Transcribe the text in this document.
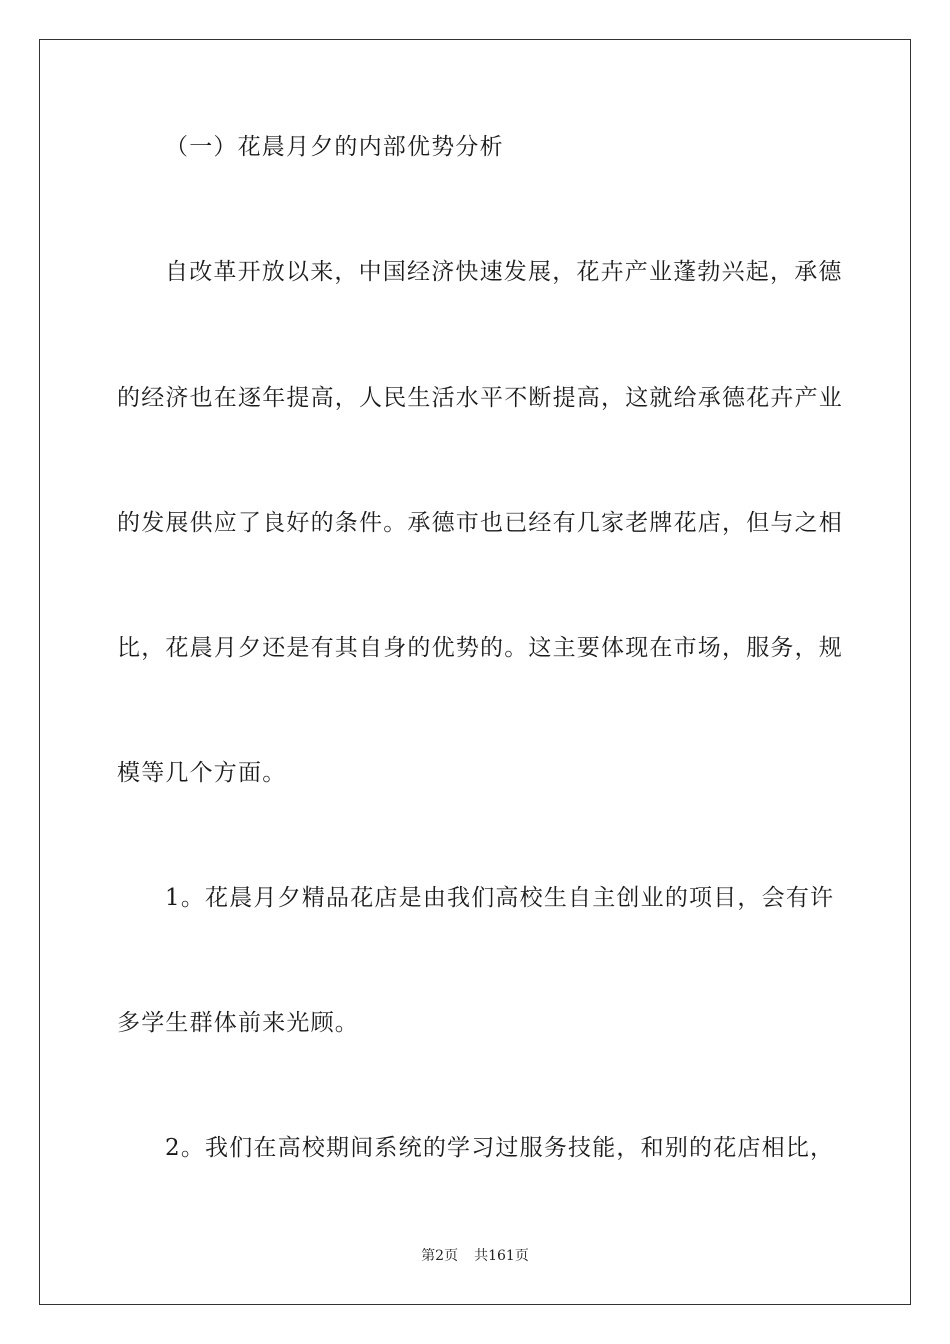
（一）花晨月夕的内部优势分析
自改革开放以来，中国经济快速发展，花卉产业蓬勃兴起，承德
的经济也在逐年提高，人民生活水平不断提高，这就给承德花卉产业
的发展供应了良好的条件。承德市也已经有几家老牌花店，但与之相
比，花晨月夕还是有其自身的优势的。这主要体现在市场，服务，规
模等几个方面。
1。花晨月夕精品花店是由我们高校生自主创业的项目，会有许
多学生群体前来光顾。
2。我们在高校期间系统的学习过服务技能，和别的花店相比，
第2页 共161页
